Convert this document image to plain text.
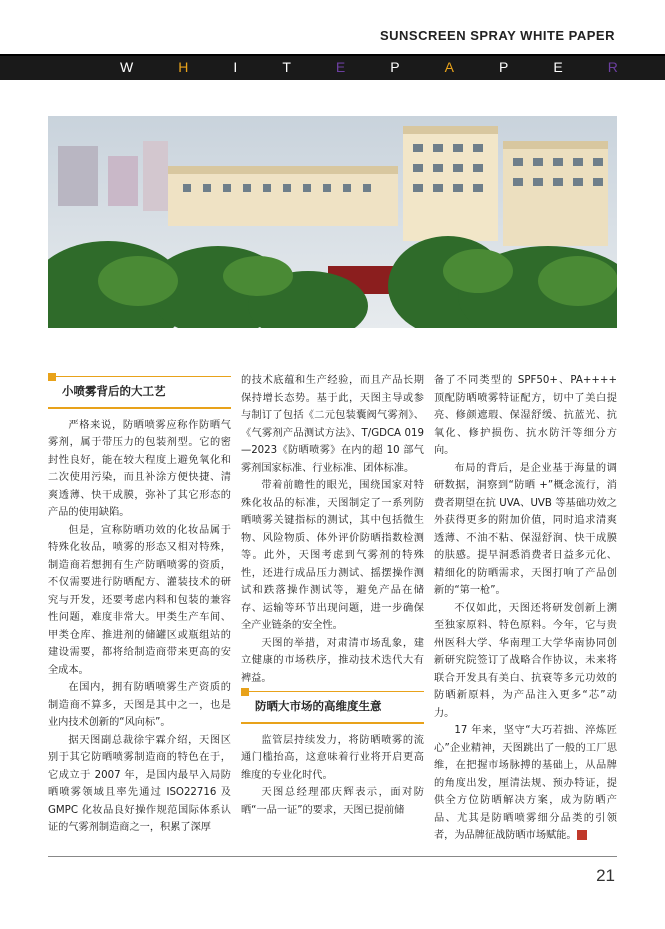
SUNSCREEN SPRAY WHITE PAPER
W	H	I	T	E	P	A	P	E	R
小喷雾背后的大工艺

严格来说，防晒喷雾应称作防晒气雾剂，属于带压力的包装剂型。它的密封性良好，能在较大程度上避免氧化和二次使用污染，而且补涂方便快捷、清爽透薄、快干成膜，弥补了其它形态的产品的使用缺陷。

但是，宣称防晒功效的化妆品属于特殊化妆品，喷雾的形态又相对特殊，制造商若想拥有生产防晒喷雾的资质，不仅需要进行防晒配方、灌装技术的研究与开发，还要考虑内料和包装的兼容性问题，难度非常大。甲类生产车间、甲类仓库、推进剂的储罐区或瓶组站的建设需要，都将给制造商带来更高的安全成本。

在国内，拥有防晒喷雾生产资质的制造商不算多，天图是其中之一，也是业内技术创新的“风向标”。

据天图副总裁徐宇霖介绍，天图区别于其它防晒喷雾制造商的特色在于，它成立于 2007 年，是国内最早入局防晒喷雾领域且率先通过 ISO22716 及 GMPC 化妆品良好操作规范国际体系认证的气雾剂制造商之一，积累了深厚

的技术底蕴和生产经验，而且产品长期保持增长态势。基于此，天图主导或参与制订了包括《二元包装囊阀气雾剂》、《气雾剂产品测试方法》、T/GDCA 019—2023《防晒喷雾》在内的超 10 部气雾剂国家标准、行业标准、团体标准。

带着前瞻性的眼光，围绕国家对特殊化妆品的标准，天图制定了一系列防晒喷雾关键指标的测试，其中包括微生物、风险物质、体外评价防晒指数检测等。此外，天图考虑到气雾剂的特殊性，还进行成品压力测试、摇摆操作测试和跌落操作测试等，避免产品在储存、运输等环节出现问题，进一步确保全产业链条的安全性。

天图的举措，对肃清市场乱象，建立健康的市场秩序，推动技术迭代大有裨益。

防晒大市场的高维度生意

监管层持续发力，将防晒喷雾的流通门槛抬高，这意味着行业将开启更高维度的专业化时代。

天图总经理邵庆辉表示，面对防晒“一品一证”的要求，天图已提前储

备了不同类型的 SPF50+、PA++++ 顶配防晒喷雾特证配方，切中了美白提亮、修颜遮瑕、保湿舒缓、抗蓝光、抗氧化、修护损伤、抗水防汗等细分方向。

布局的背后，是企业基于海量的调研数据，洞察到“防晒 +”概念流行，消费者期望在抗 UVA、UVB 等基础功效之外获得更多的附加价值，同时追求清爽透薄、不油不粘、保湿舒润、快干成膜的肤感。提早洞悉消费者日益多元化、精细化的防晒需求，天图打响了产品创新的“第一枪”。

不仅如此，天图还将研发创新上溯至独家原料、特色原料。今年，它与贵州医科大学、华南理工大学华南协同创新研究院签订了战略合作协议，未来将联合开发具有美白、抗衰等多元功效的防晒新原料，为产品注入更多“芯”动力。

17 年来，坚守“大巧若拙、淬炼匠心”企业精神，天图跳出了一般的工厂思维，在把握市场脉搏的基础上，从品牌的角度出发，厘清法规、预办特证，提供全方位防晒解决方案，成为防晒产品、尤其是防晒喷雾细分品类的引领者，为品牌征战防晒市场赋能。	汇

21
